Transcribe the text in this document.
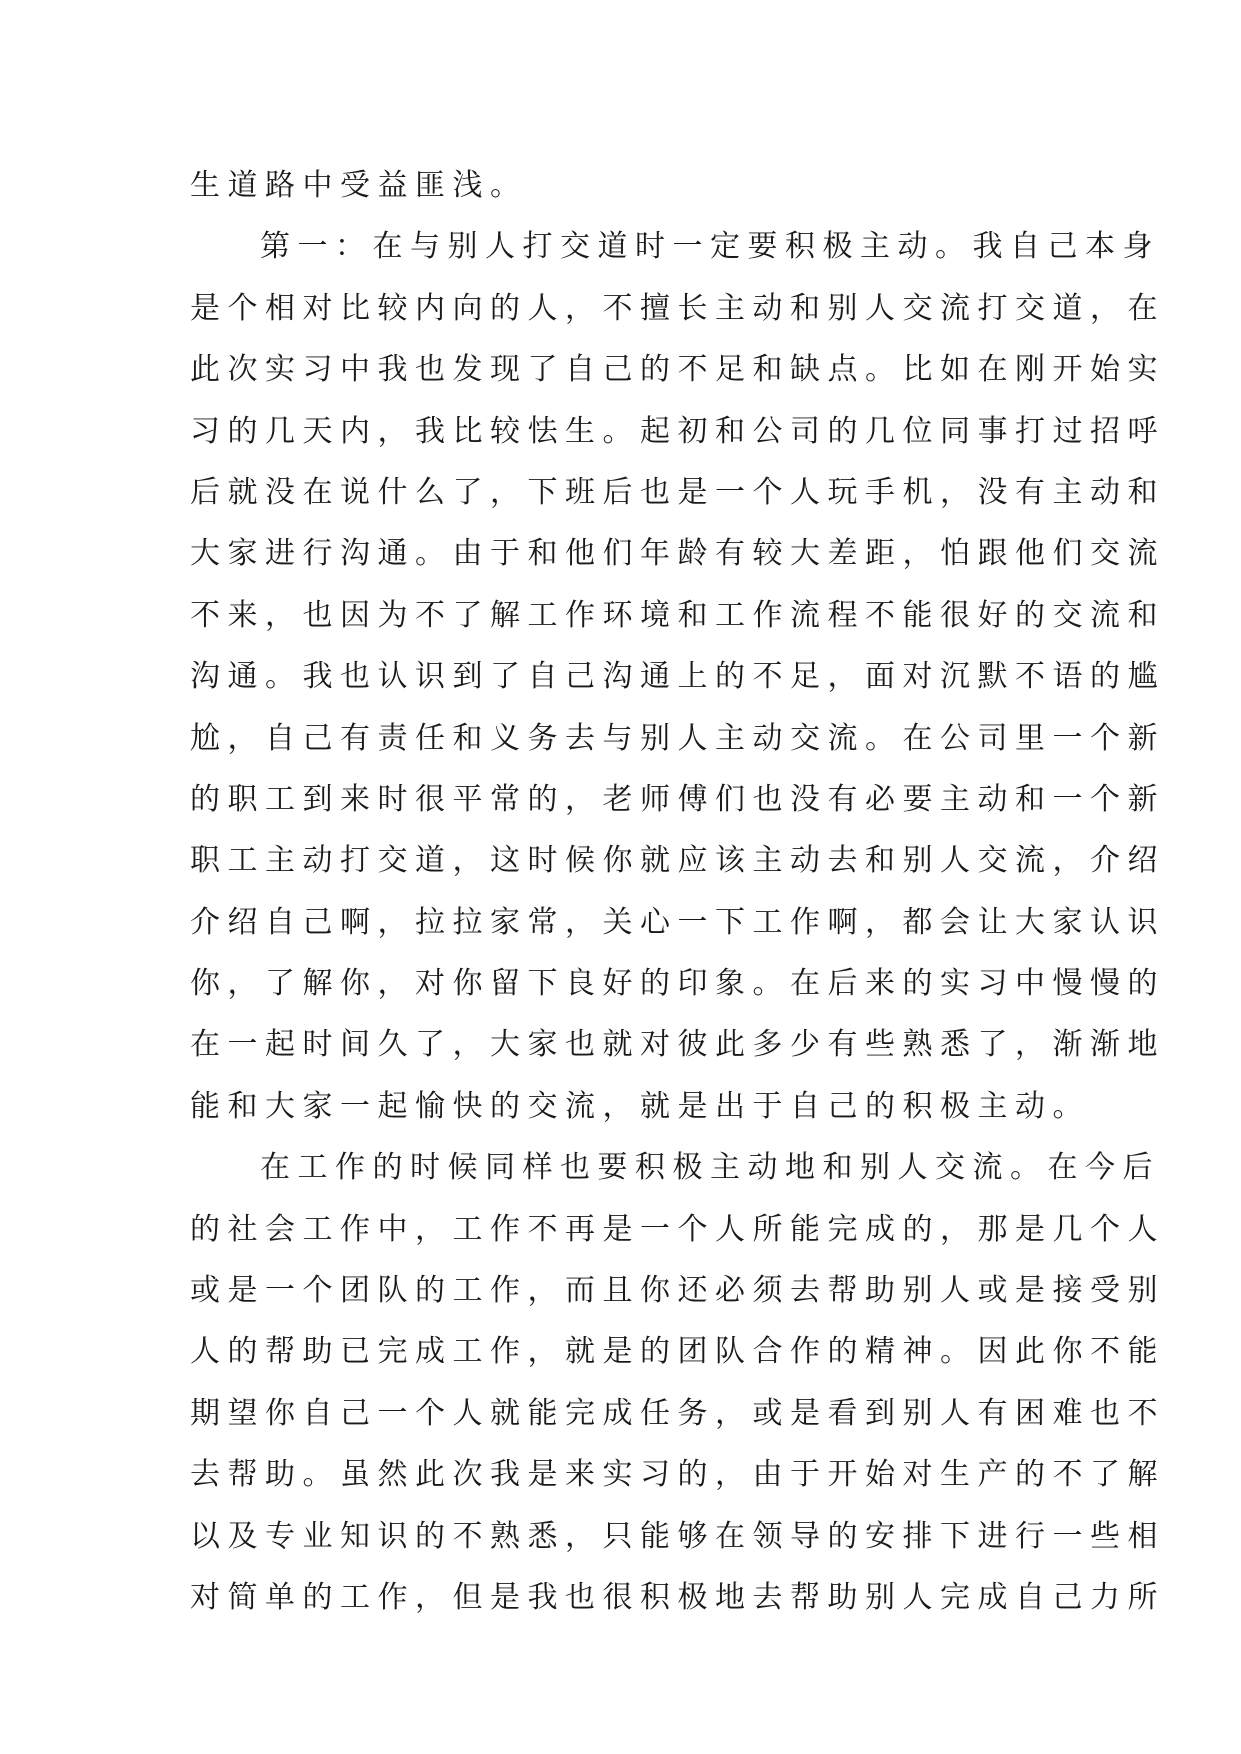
生道路中受益匪浅。
第一：在与别人打交道时一定要积极主动。我自己本身
是个相对比较内向的人，不擅长主动和别人交流打交道，在
此次实习中我也发现了自己的不足和缺点。比如在刚开始实
习的几天内，我比较怯生。起初和公司的几位同事打过招呼
后就没在说什么了，下班后也是一个人玩手机，没有主动和
大家进行沟通。由于和他们年龄有较大差距，怕跟他们交流
不来，也因为不了解工作环境和工作流程不能很好的交流和
沟通。我也认识到了自己沟通上的不足，面对沉默不语的尴
尬，自己有责任和义务去与别人主动交流。在公司里一个新
的职工到来时很平常的，老师傅们也没有必要主动和一个新
职工主动打交道，这时候你就应该主动去和别人交流，介绍
介绍自己啊，拉拉家常，关心一下工作啊，都会让大家认识
你，了解你，对你留下良好的印象。在后来的实习中慢慢的
在一起时间久了，大家也就对彼此多少有些熟悉了，渐渐地
能和大家一起愉快的交流，就是出于自己的积极主动。
在工作的时候同样也要积极主动地和别人交流。在今后
的社会工作中，工作不再是一个人所能完成的，那是几个人
或是一个团队的工作，而且你还必须去帮助别人或是接受别
人的帮助已完成工作，就是的团队合作的精神。因此你不能
期望你自己一个人就能完成任务，或是看到别人有困难也不
去帮助。虽然此次我是来实习的，由于开始对生产的不了解
以及专业知识的不熟悉，只能够在领导的安排下进行一些相
对简单的工作，但是我也很积极地去帮助别人完成自己力所
